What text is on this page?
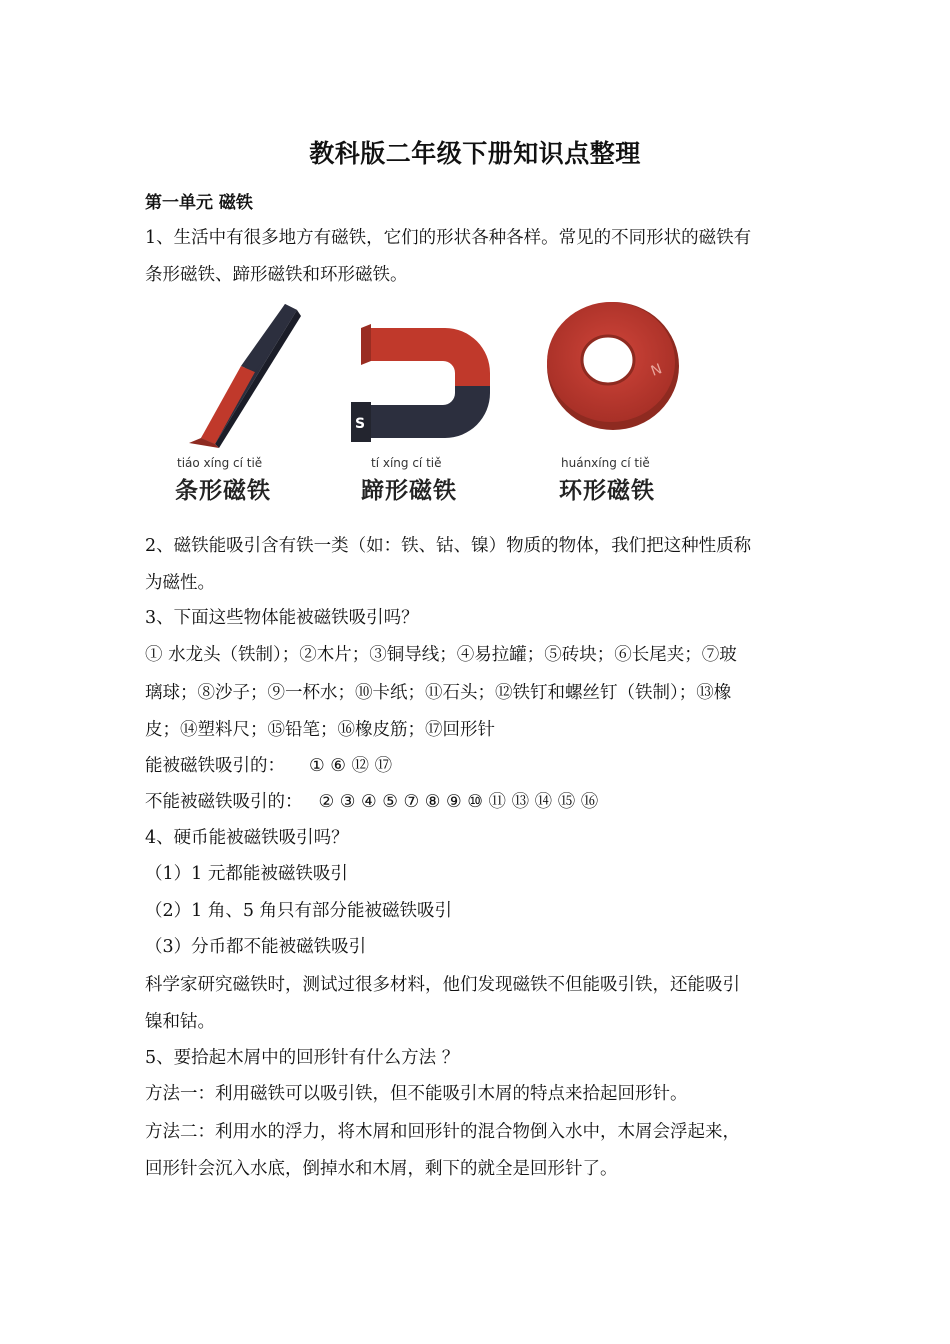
教科版二年级下册知识点整理
第一单元 磁铁
1、生活中有很多地方有磁铁，它们的形状各种各样。常见的不同形状的磁铁有
条形磁铁、蹄形磁铁和环形磁铁。
S
N
tiáo xíng cí tiě
条形磁铁
tí xíng cí tiě
蹄形磁铁
huánxíng cí tiě
环形磁铁
2、磁铁能吸引含有铁一类（如：铁、钴、镍）物质的物体，我们把这种性质称
为磁性。
3、下面这些物体能被磁铁吸引吗？
① 水龙头（铁制）；②木片；③铜导线；④易拉罐；⑤砖块；⑥长尾夹；⑦玻
璃球；⑧沙子；⑨一杯水；⑩卡纸；⑪石头；⑫铁钉和螺丝钉（铁制）；⑬橡
皮；⑭塑料尺；⑮铅笔；⑯橡皮筋；⑰回形针
能被磁铁吸引的： ① ⑥ ⑫ ⑰
不能被磁铁吸引的： ② ③ ④ ⑤ ⑦ ⑧ ⑨ ⑩ ⑪ ⑬ ⑭ ⑮ ⑯
4、硬币能被磁铁吸引吗？
（1）1 元都能被磁铁吸引
（2）1 角、5 角只有部分能被磁铁吸引
（3）分币都不能被磁铁吸引
科学家研究磁铁时，测试过很多材料，他们发现磁铁不但能吸引铁，还能吸引
镍和钴。
5、要拾起木屑中的回形针有什么方法 ？
方法一：利用磁铁可以吸引铁，但不能吸引木屑的特点来拾起回形针。
方法二：利用水的浮力，将木屑和回形针的混合物倒入水中，木屑会浮起来，
回形针会沉入水底，倒掉水和木屑，剩下的就全是回形针了。
